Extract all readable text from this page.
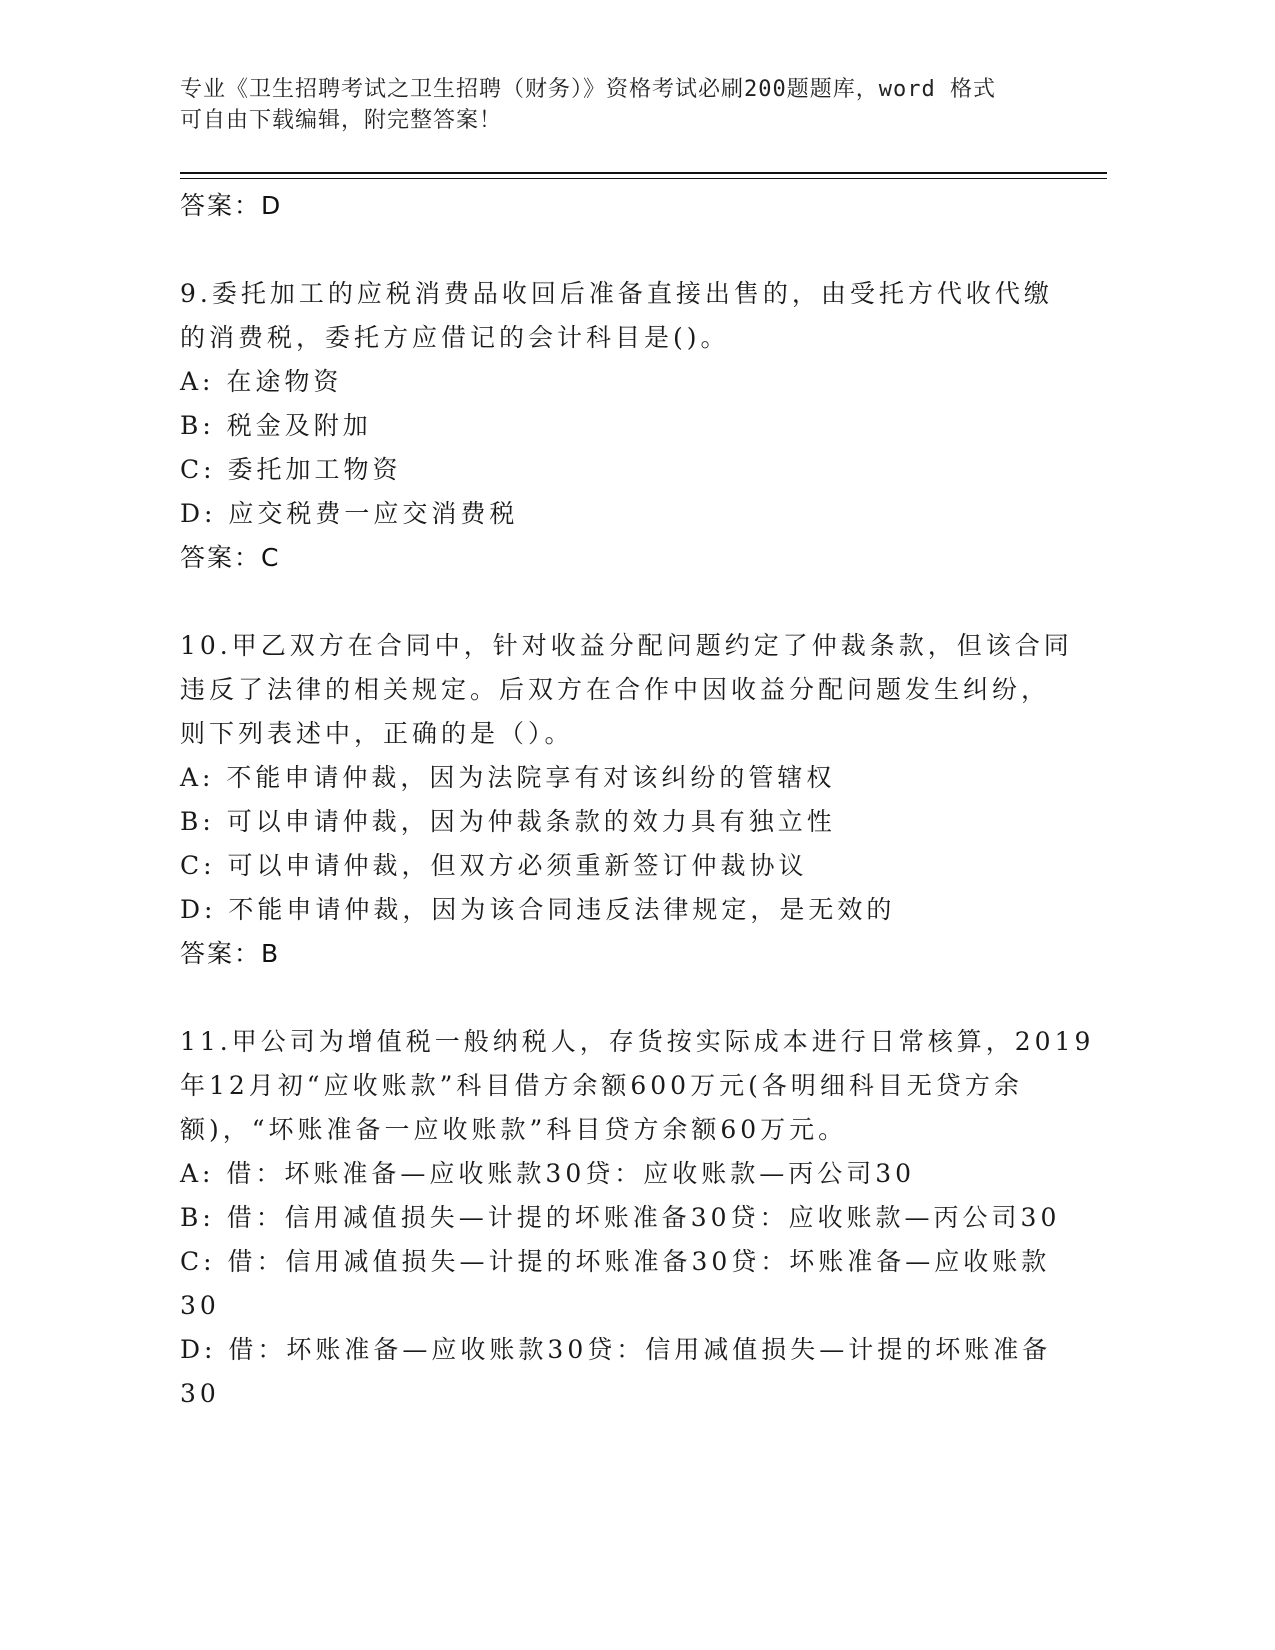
专业《卫生招聘考试之卫生招聘（财务）》资格考试必刷200题题库，word 格式
可自由下载编辑，附完整答案！
答案：D
9.委托加工的应税消费品收回后准备直接出售的，由受托方代收代缴
的消费税，委托方应借记的会计科目是()。
A: 在途物资
B: 税金及附加
C: 委托加工物资
D: 应交税费一应交消费税
答案：C
10.甲乙双方在合同中，针对收益分配问题约定了仲裁条款，但该合同
违反了法律的相关规定。后双方在合作中因收益分配问题发生纠纷，
则下列表述中，正确的是（）。
A: 不能申请仲裁，因为法院享有对该纠纷的管辖权
B: 可以申请仲裁，因为仲裁条款的效力具有独立性
C: 可以申请仲裁，但双方必须重新签订仲裁协议
D: 不能申请仲裁，因为该合同违反法律规定，是无效的
答案：B
11.甲公司为增值税一般纳税人，存货按实际成本进行日常核算，2019
年12月初“应收账款”科目借方余额600万元(各明细科目无贷方余
额)，“坏账准备一应收账款”科目贷方余额60万元。
A: 借：坏账准备—应收账款30贷：应收账款—丙公司30
B: 借：信用减值损失—计提的坏账准备30贷：应收账款—丙公司30
C: 借：信用减值损失—计提的坏账准备30贷：坏账准备—应收账款
30
D: 借：坏账准备—应收账款30贷：信用减值损失—计提的坏账准备
30
